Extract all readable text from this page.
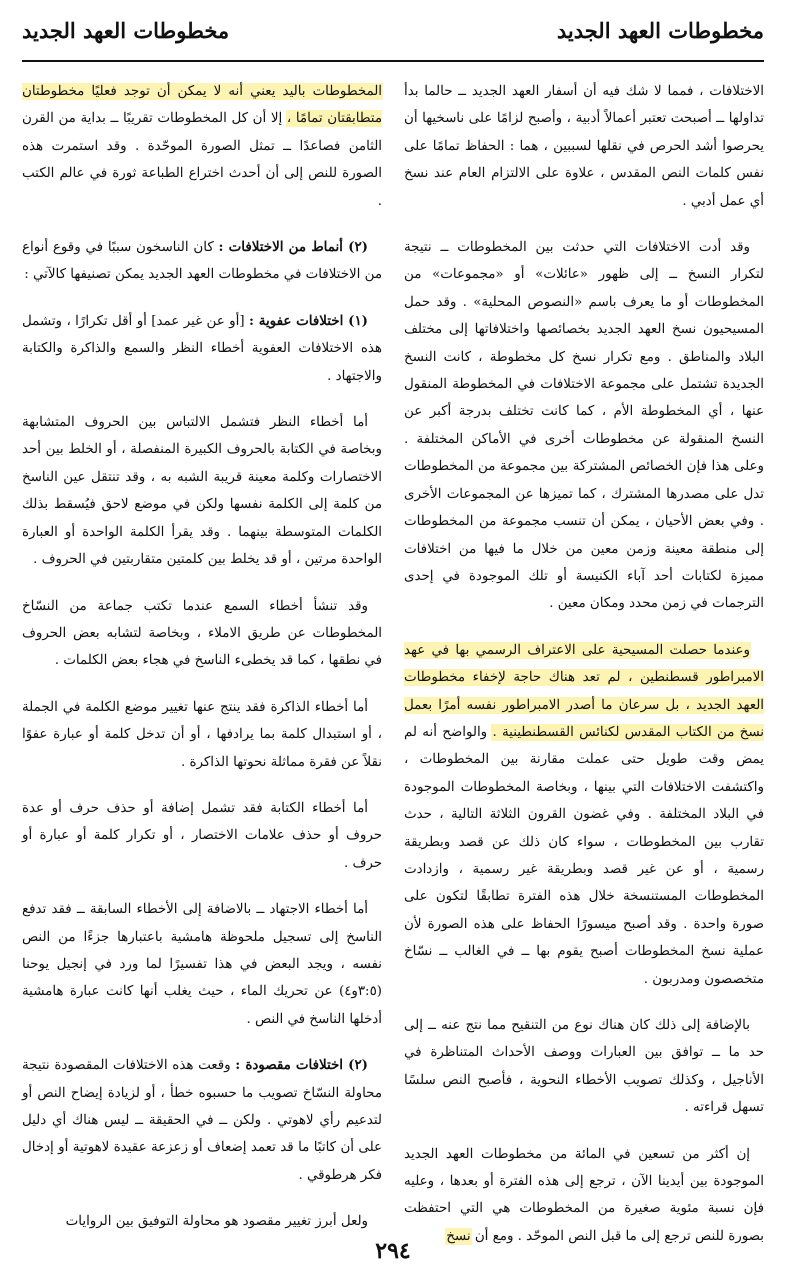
مخطوطات العهد الجديد
مخطوطات العهد الجديد

الاختلافات ، فمما لا شك فيه أن أسفار العهد الجديد ــ حالما بدأ تداولها ــ أصبحت تعتبر أعمالاً أدبية ، وأصبح لزامًا على ناسخيها أن يحرصوا أشد الحرص في نقلها لسببين ، هما : الحفاظ تمامًا على نفس كلمات النص المقدس ، علاوة على الالتزام العام عند نسخ أي عمل أدبي .

وقد أدت الاختلافات التي حدثت بين المخطوطات ــ نتيجة لتكرار النسخ ــ إلى ظهور «عائلات» أو «مجموعات» من المخطوطات أو ما يعرف باسم «النصوص المحلية» . وقد حمل المسيحيون نسخ العهد الجديد بخصائصها واختلافاتها إلى مختلف البلاد والمناطق . ومع تكرار نسخ كل مخطوطة ، كانت النسخ الجديدة تشتمل على مجموعة الاختلافات في المخطوطة المنقول عنها ، أي المخطوطة الأم ، كما كانت تختلف بدرجة أكبر عن النسخ المنقولة عن مخطوطات أخرى في الأماكن المختلفة . وعلى هذا فإن الخصائص المشتركة بين مجموعة من المخطوطات تدل على مصدرها المشترك ، كما تميزها عن المجموعات الأخرى . وفي بعض الأحيان ، يمكن أن تنسب مجموعة من المخطوطات إلى منطقة معينة وزمن معين من خلال ما فيها من اختلافات مميزة لكتابات أحد آباء الكنيسة أو تلك الموجودة في إحدى الترجمات في زمن محدد ومكان معين .

وعندما حصلت المسيحية على الاعتراف الرسمي بها في عهد الامبراطور قسطنطين ، لم تعد هناك حاجة لإخفاء مخطوطات العهد الجديد ، بل سرعان ما أصدر الامبراطور نفسه أمرًا بعمل نسخ من الكتاب المقدس لكنائس القسطنطينية . والواضح أنه لم يمض وقت طويل حتى عملت مقارنة بين المخطوطات ، واكتشفت الاختلافات التي بينها ، وبخاصة المخطوطات الموجودة في البلاد المختلفة . وفي غضون القرون الثلاثة التالية ، حدث تقارب بين المخطوطات ، سواء كان ذلك عن قصد وبطريقة رسمية ، أو عن غير قصد وبطريقة غير رسمية ، وازدادت المخطوطات المستنسخة خلال هذه الفترة تطابقًا لتكون على صورة واحدة . وقد أصبح ميسورًا الحفاظ على هذه الصورة لأن عملية نسخ المخطوطات أصبح يقوم بها ــ في الغالب ــ نسّاخ متخصصون ومدربون .

بالإضافة إلى ذلك كان هناك نوع من التنقيح مما نتج عنه ــ إلى حد ما ــ توافق بين العبارات ووصف الأحداث المتناظرة في الأناجيل ، وكذلك تصويب الأخطاء النحوية ، فأصبح النص سلسًا تسهل قراءته .

إن أكثر من تسعين في المائة من مخطوطات العهد الجديد الموجودة بين أيدينا الآن ، ترجع إلى هذه الفترة أو بعدها ، وعليه فإن نسبة مئوية صغيرة من المخطوطات هي التي احتفظت بصورة للنص ترجع إلى ما قبل النص الموحّد . ومع أن نسخ

المخطوطات باليد يعني أنه لا يمكن أن توجد فعليًا مخطوطتان متطابقتان تمامًا ، إلا أن كل المخطوطات تقريبًا ــ بداية من القرن الثامن فصاعدًا ــ تمثل الصورة الموحّدة . وقد استمرت هذه الصورة للنص إلى أن أحدث اختراع الطباعة ثورة في عالم الكتب .

(٢) أنماط من الاختلافات : كان الناسخون سببًا في وقوع أنواع من الاختلافات في مخطوطات العهد الجديد يمكن تصنيفها كالآتي :

(١) اختلافات عفوية : [أو عن غير عمد] أو أقل تكرارًا ، وتشمل هذه الاختلافات العفوية أخطاء النظر والسمع والذاكرة والكتابة والاجتهاد .

أما أخطاء النظر فتشمل الالتباس بين الحروف المتشابهة وبخاصة في الكتابة بالحروف الكبيرة المنفصلة ، أو الخلط بين أحد الاختصارات وكلمة معينة قريبة الشبه به ، وقد تنتقل عين الناسخ من كلمة إلى الكلمة نفسها ولكن في موضع لاحق فيُسقط بذلك الكلمات المتوسطة بينهما . وقد يقرأ الكلمة الواحدة أو العبارة الواحدة مرتين ، أو قد يخلط بين كلمتين متقاربتين في الحروف .

وقد تنشأ أخطاء السمع عندما تكتب جماعة من النسّاخ المخطوطات عن طريق الاملاء ، وبخاصة لتشابه بعض الحروف في نطقها ، كما قد يخطىء الناسخ في هجاء بعض الكلمات .

أما أخطاء الذاكرة فقد ينتج عنها تغيير موضع الكلمة في الجملة ، أو استبدال كلمة بما يرادفها ، أو أن تدخل كلمة أو عبارة عفوًا نقلاً عن فقرة مماثلة نحوتها الذاكرة .

أما أخطاء الكتابة فقد تشمل إضافة أو حذف حرف أو عدة حروف أو حذف علامات الاختصار ، أو تكرار كلمة أو عبارة أو حرف .

أما أخطاء الاجتهاد ــ بالاضافة إلى الأخطاء السابقة ــ فقد تدفع الناسخ إلى تسجيل ملحوظة هامشية باعتبارها جزءًا من النص نفسه ، ويجد البعض في هذا تفسيرًا لما ورد في إنجيل يوحنا (٣:٥و٤) عن تحريك الماء ، حيث يغلب أنها كانت عبارة هامشية أدخلها الناسخ في النص .

(٢) اختلافات مقصودة : وقعت هذه الاختلافات المقصودة نتيجة محاولة النسّاخ تصويب ما حسبوه خطأ ، أو لزيادة إيضاح النص أو لتدعيم رأي لاهوتي . ولكن ــ في الحقيقة ــ ليس هناك أي دليل على أن كاتبًا ما قد تعمد إضعاف أو زعزعة عقيدة لاهوتية أو إدخال فكر هرطوقي .

ولعل أبرز تغيير مقصود هو محاولة التوفيق بين الروايات

٢٩٤
